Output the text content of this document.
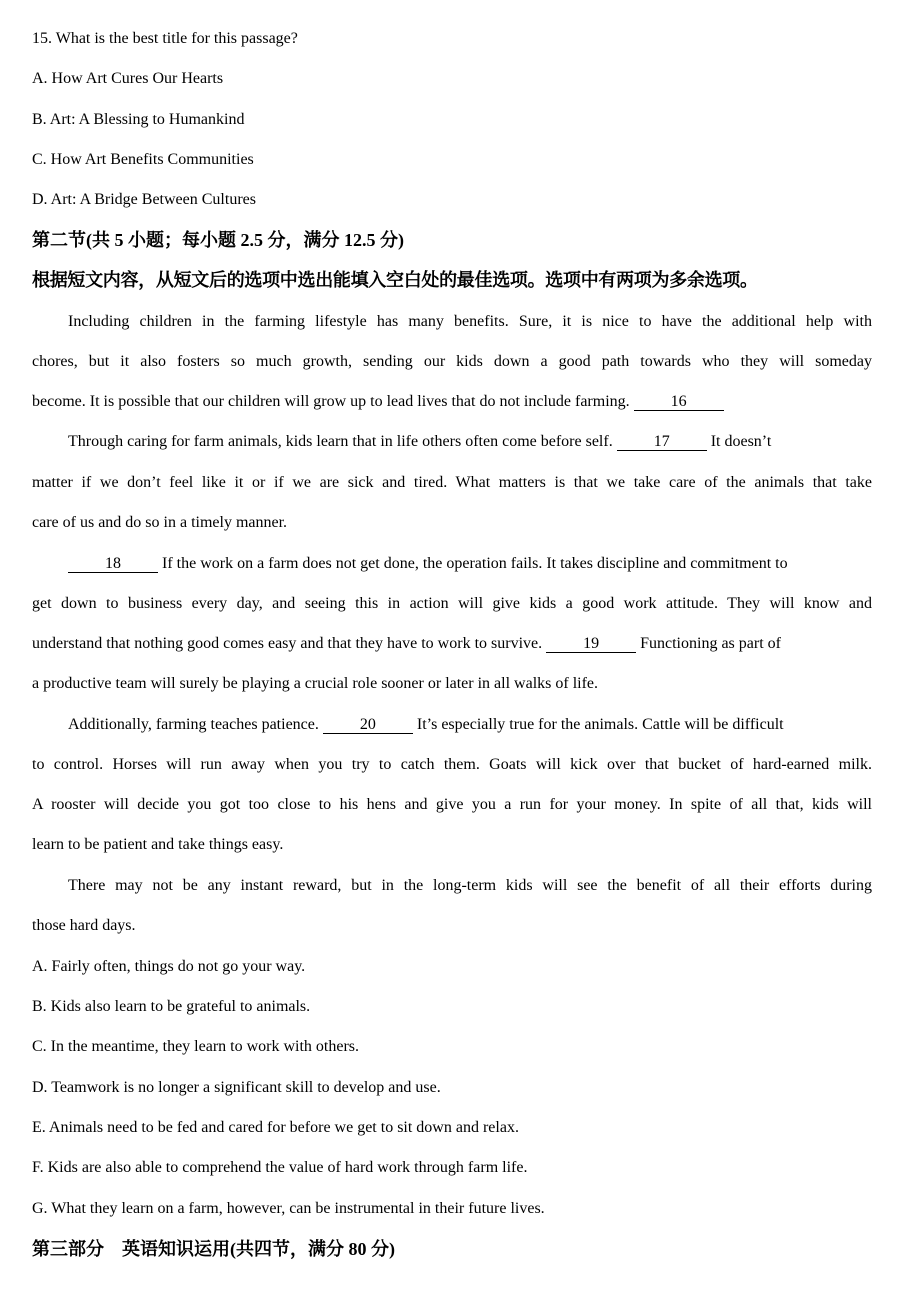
15. What is the best title for this passage?
A. How Art Cures Our Hearts
B. Art: A Blessing to Humankind
C. How Art Benefits Communities
D. Art: A Bridge Between Cultures
第二节(共 5 小题；每小题 2.5 分，满分 12.5 分)
根据短文内容，从短文后的选项中选出能填入空白处的最佳选项。选项中有两项为多余选项。
Including children in the farming lifestyle has many benefits. Sure, it is nice to have the additional help with
chores, but it also fosters so much growth, sending our kids down a good path towards who they will someday
become. It is possible that our children will grow up to lead lives that do not include farming.	16
Through caring for farm animals, kids learn that in life others often come before self.	17	It doesn’t
matter if we don’t feel like it or if we are sick and tired. What matters is that we take care of the animals that take
care of us and do so in a timely manner.
18	If the work on a farm does not get done, the operation fails. It takes discipline and commitment to
get down to business every day, and seeing this in action will give kids a good work attitude. They will know and
understand that nothing good comes easy and that they have to work to survive.	19	Functioning as part of
a productive team will surely be playing a crucial role sooner or later in all walks of life.
Additionally, farming teaches patience.	20	It’s especially true for the animals. Cattle will be difficult
to control. Horses will run away when you try to catch them. Goats will kick over that bucket of hard-earned milk.
A rooster will decide you got too close to his hens and give you a run for your money. In spite of all that, kids will
learn to be patient and take things easy.
There may not be any instant reward, but in the long-term kids will see the benefit of all their efforts during
those hard days.
A. Fairly often, things do not go your way.
B. Kids also learn to be grateful to animals.
C. In the meantime, they learn to work with others.
D. Teamwork is no longer a significant skill to develop and use.
E. Animals need to be fed and cared for before we get to sit down and relax.
F. Kids are also able to comprehend the value of hard work through farm life.
G. What they learn on a farm, however, can be instrumental in their future lives.
第三部分　英语知识运用(共四节，满分 80 分)
